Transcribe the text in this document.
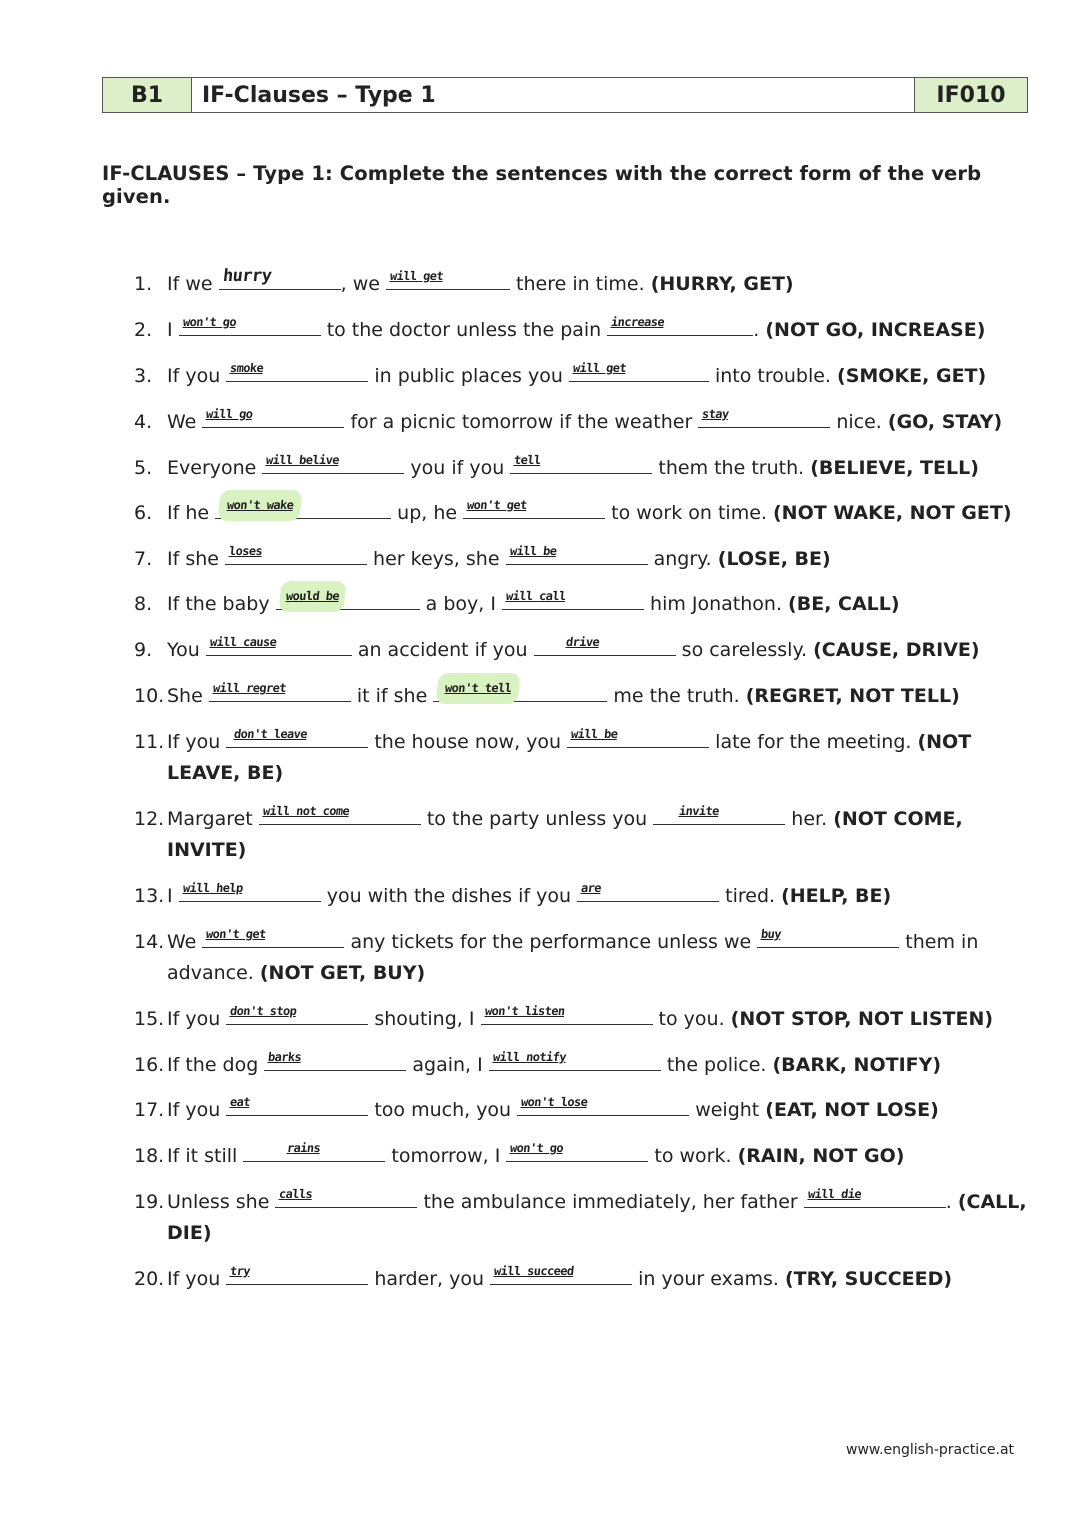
B1	IF-Clauses – Type 1	IF010
IF-CLAUSES – Type 1: Complete the sentences with the correct form of the verb given.
1. If we hurry	, we will get	there in time. (HURRY, GET)
2. I won't go	to the doctor unless the pain increase	. (NOT GO, INCREASE)
3. If you smoke	in public places you will get	into trouble. (SMOKE, GET)
4. We will go	for a picnic tomorrow if the weather stay	nice. (GO, STAY)
5. Everyone will belive	you if you tell	them the truth. (BELIEVE, TELL)
6. If he won't wake	up, he won't get	to work on time. (NOT WAKE, NOT GET)
7. If she loses	her keys, she will be	angry. (LOSE, BE)
8. If the baby would be	a boy, I will call	him Jonathon. (BE, CALL)
9. You will cause	an accident if you	drive	so carelessly. (CAUSE, DRIVE)
10. She will regret	it if she won't tell	me the truth. (REGRET, NOT TELL)
11. If you don't leave	the house now, you will be	late for the meeting. (NOT
LEAVE, BE)
12. Margaret will not come	to the party unless you invite	her. (NOT COME,
INVITE)
13. I will help	you with the dishes if you are	tired. (HELP, BE)
14. We won't get	any tickets for the performance unless we buy	them in
advance. (NOT GET, BUY)
15. If you don't stop	shouting, I won't listen	to you. (NOT STOP, NOT LISTEN)
16. If the dog barks	again, I will notify	the police. (BARK, NOTIFY)
17. If you eat	too much, you won't lose	weight (EAT, NOT LOSE)
18. If it still	rains	tomorrow, I won't go	to work. (RAIN, NOT GO)
19. Unless she calls	the ambulance immediately, her father will die	. (CALL,
DIE)
20. If you try	harder, you will succeed	in your exams. (TRY, SUCCEED)
www.english-practice.at
